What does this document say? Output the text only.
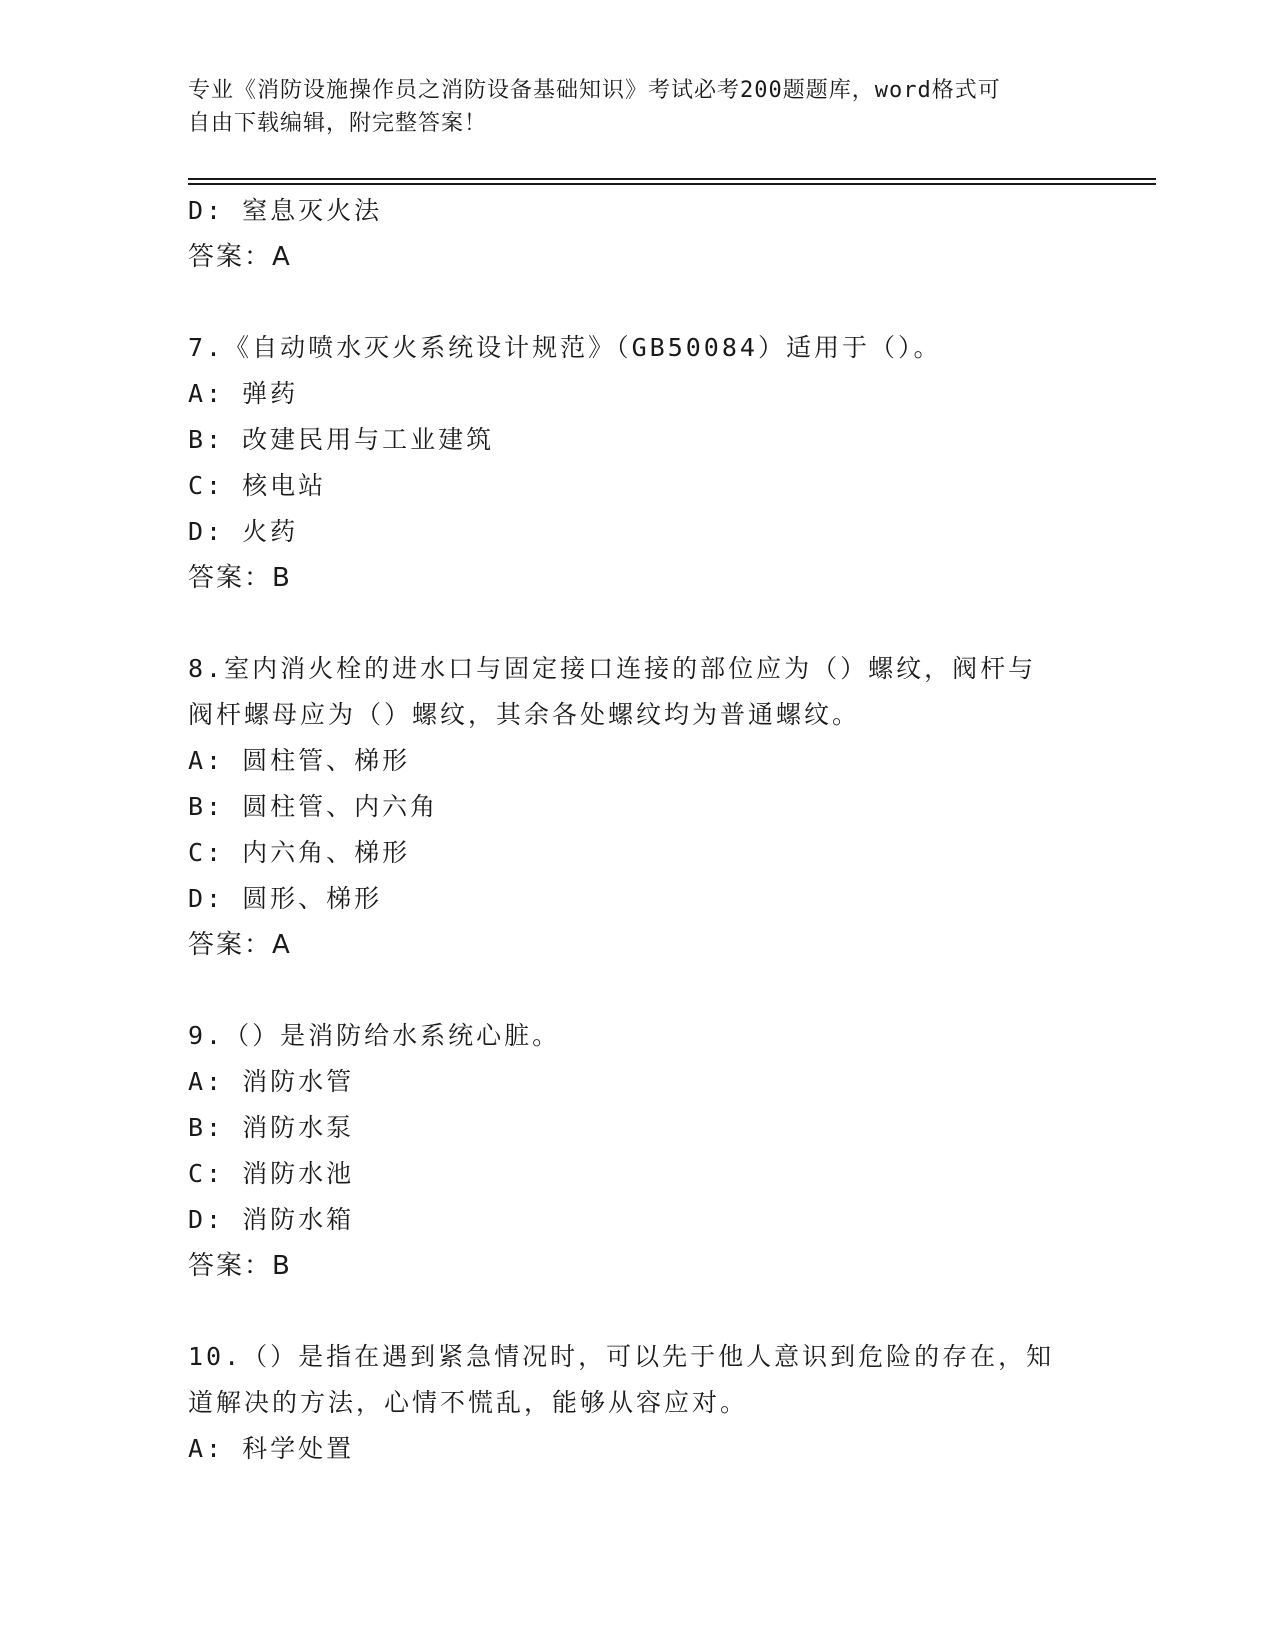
专业《消防设施操作员之消防设备基础知识》考试必考200题题库，word格式可
自由下载编辑，附完整答案！
D: 窒息灭火法
答案：A
7.《自动喷水灭火系统设计规范》（GB50084）适用于（）。
A: 弹药
B: 改建民用与工业建筑
C: 核电站
D: 火药
答案：B
8.室内消火栓的进水口与固定接口连接的部位应为（）螺纹，阀杆与
阀杆螺母应为（）螺纹，其余各处螺纹均为普通螺纹。
A: 圆柱管、梯形
B: 圆柱管、内六角
C: 内六角、梯形
D: 圆形、梯形
答案：A
9.（）是消防给水系统心脏。
A: 消防水管
B: 消防水泵
C: 消防水池
D: 消防水箱
答案：B
10.（）是指在遇到紧急情况时，可以先于他人意识到危险的存在，知
道解决的方法，心情不慌乱，能够从容应对。
A: 科学处置
